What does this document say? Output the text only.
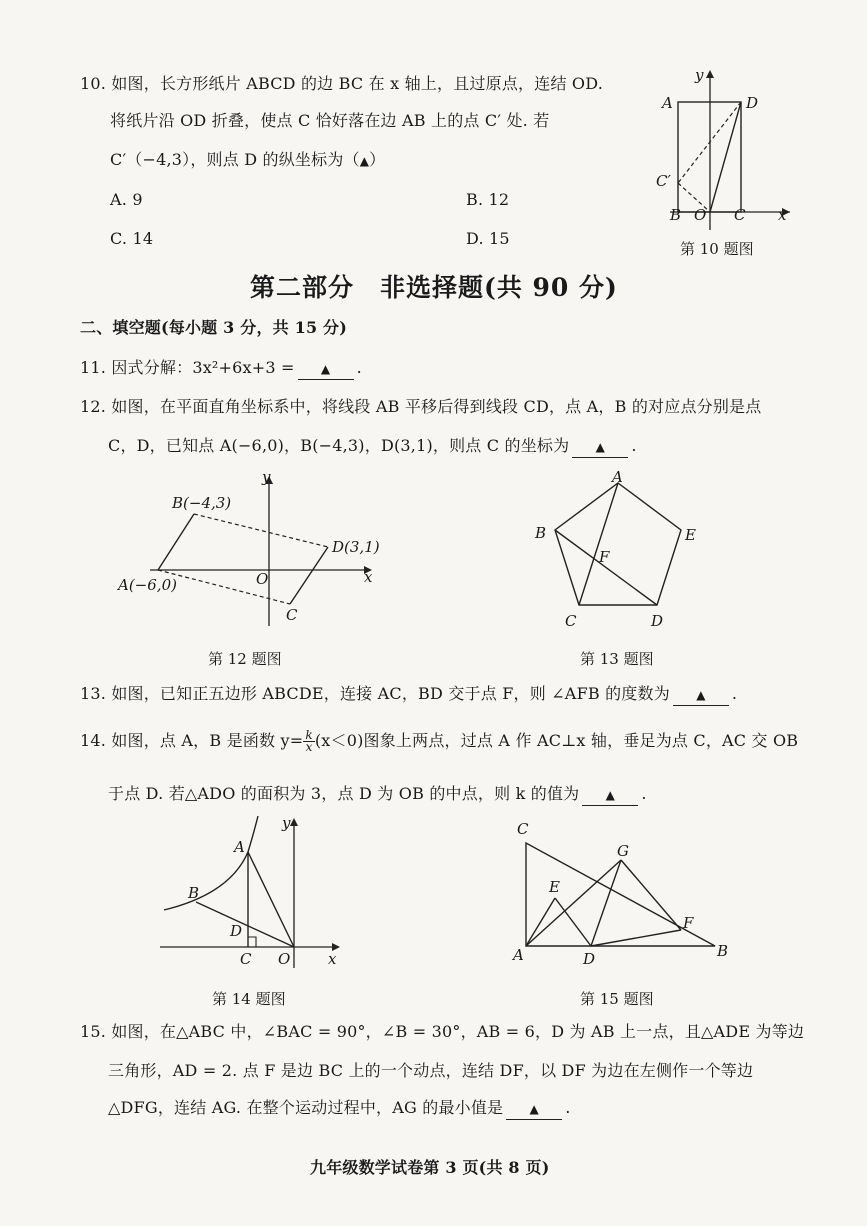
10. 如图，长方形纸片 ABCD 的边 BC 在 x 轴上，且过原点，连结 OD.
将纸片沿 OD 折叠，使点 C 恰好落在边 AB 上的点 C′ 处. 若
C′（−4,3），则点 D 的纵坐标为（▲）
A. 9	B. 12
C. 14	D. 15
y
A	D
C′
B O C x
第 10 题图
第二部分　非选择题(共 90 分)
二、填空题(每小题 3 分，共 15 分)
11. 因式分解：3x²+6x+3 = ▲ .
12. 如图，在平面直角坐标系中，将线段 AB 平移后得到线段 CD，点 A，B 的对应点分别是点
C，D，已知点 A(−6,0)，B(−4,3)，D(3,1)，则点 C 的坐标为 ▲ .
y
B(−4,3)
D(3,1)
A(−6,0)	O	x
C
第 12 题图
A
B	E
F
C	D
第 13 题图
13. 如图，已知正五边形 ABCDE，连接 AC，BD 交于点 F，则 ∠AFB 的度数为 ▲ .
14. 如图，点 A，B 是函数 $y= \frac{k}{x}(x<0)$图象上两点，过点 A 作 AC⊥x 轴，垂足为点 C，AC 交 OB
于点 D. 若△ADO 的面积为 3，点 D 为 OB 的中点，则 k 的值为 ▲ .
y
A
B
D
C O	x
第 14 题图
C
G
E
F
A	D	B
第 15 题图
15. 如图，在△ABC 中，∠BAC = 90°，∠B = 30°，AB = 6，D 为 AB 上一点，且△ADE 为等边
三角形，AD = 2. 点 F 是边 BC 上的一个动点，连结 DF，以 DF 为边在左侧作一个等边
△DFG，连结 AG. 在整个运动过程中，AG 的最小值是 ▲ .
九年级数学试卷第 3 页(共 8 页)
